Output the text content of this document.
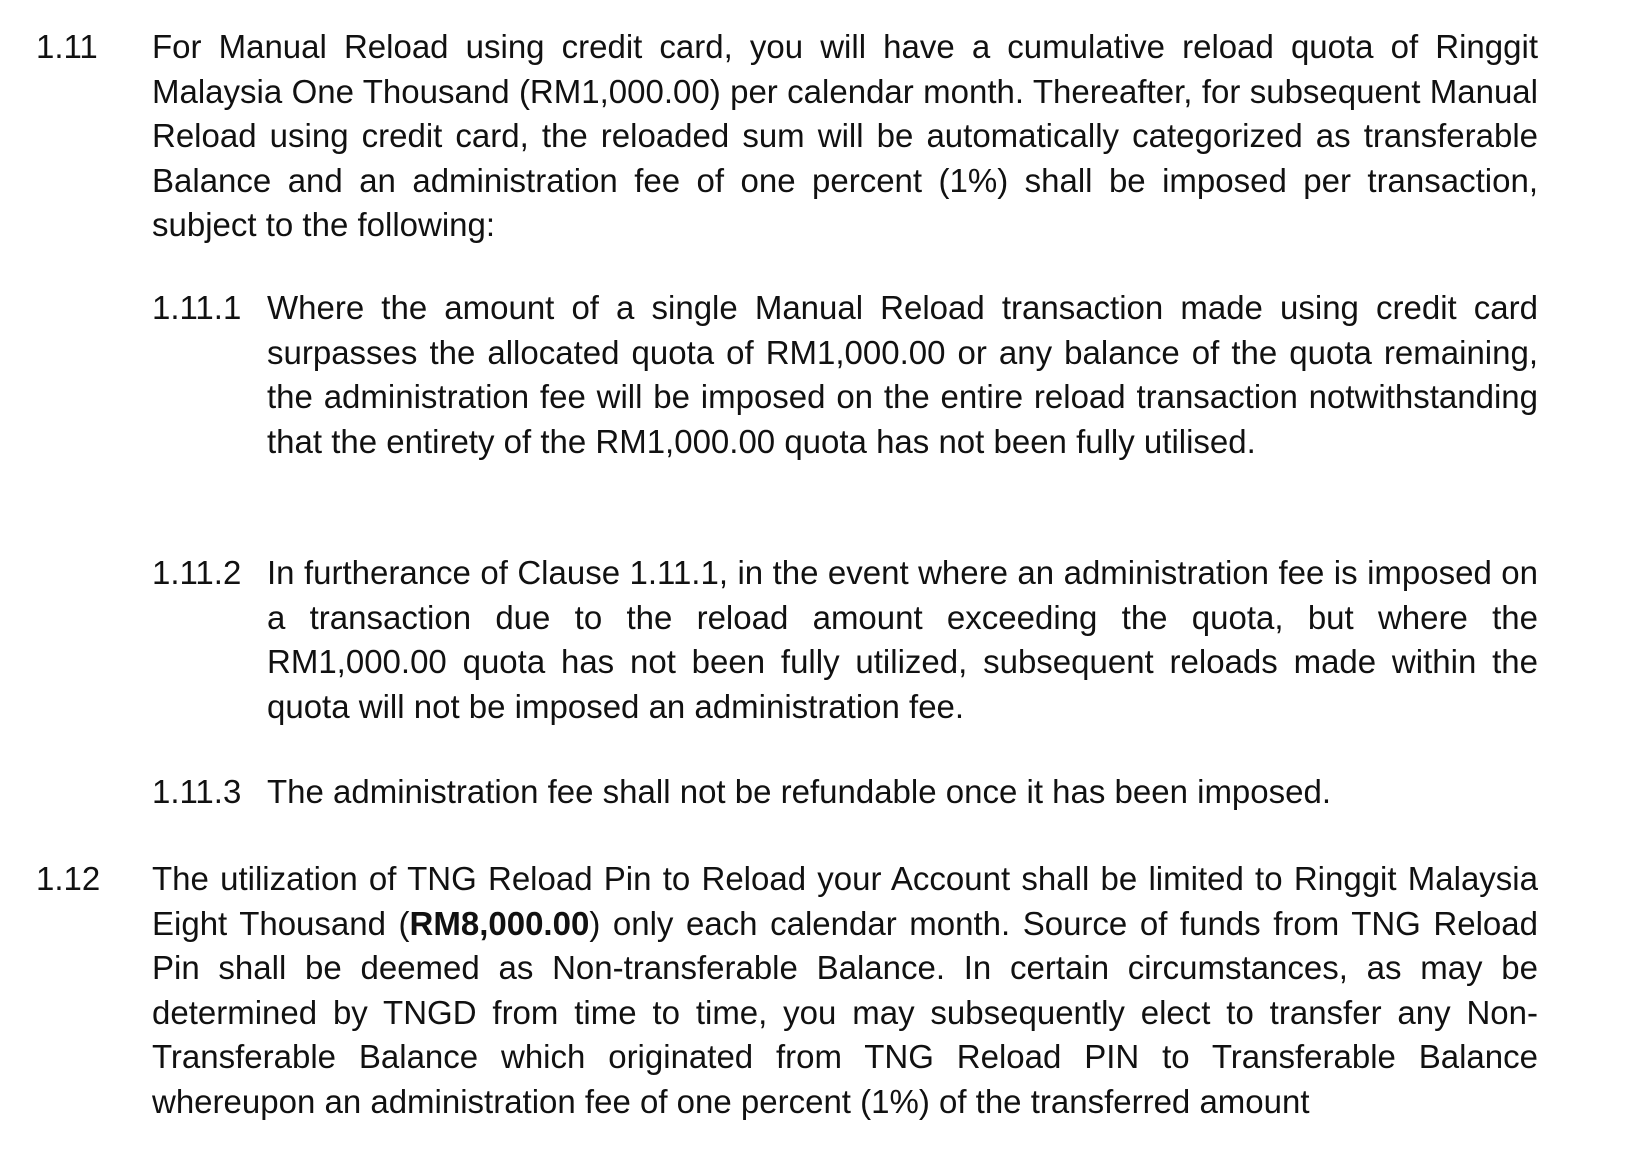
1.11 For Manual Reload using credit card, you will have a cumulative reload quota of Ringgit Malaysia One Thousand (RM1,000.00) per calendar month. Thereafter, for subsequent Manual Reload using credit card, the reloaded sum will be automatically categorized as transferable Balance and an administration fee of one percent (1%) shall be imposed per transaction, subject to the following:
1.11.1 Where the amount of a single Manual Reload transaction made using credit card surpasses the allocated quota of RM1,000.00 or any balance of the quota remaining, the administration fee will be imposed on the entire reload transaction notwithstanding that the entirety of the RM1,000.00 quota has not been fully utilised.
1.11.2 In furtherance of Clause 1.11.1, in the event where an administration fee is imposed on a transaction due to the reload amount exceeding the quota, but where the RM1,000.00 quota has not been fully utilized, subsequent reloads made within the quota will not be imposed an administration fee.
1.11.3 The administration fee shall not be refundable once it has been imposed.
1.12 The utilization of TNG Reload Pin to Reload your Account shall be limited to Ringgit Malaysia Eight Thousand (RM8,000.00) only each calendar month. Source of funds from TNG Reload Pin shall be deemed as Non-transferable Balance. In certain circumstances, as may be determined by TNGD from time to time, you may subsequently elect to transfer any Non-Transferable Balance which originated from TNG Reload PIN to Transferable Balance whereupon an administration fee of one percent (1%) of the transferred amount
